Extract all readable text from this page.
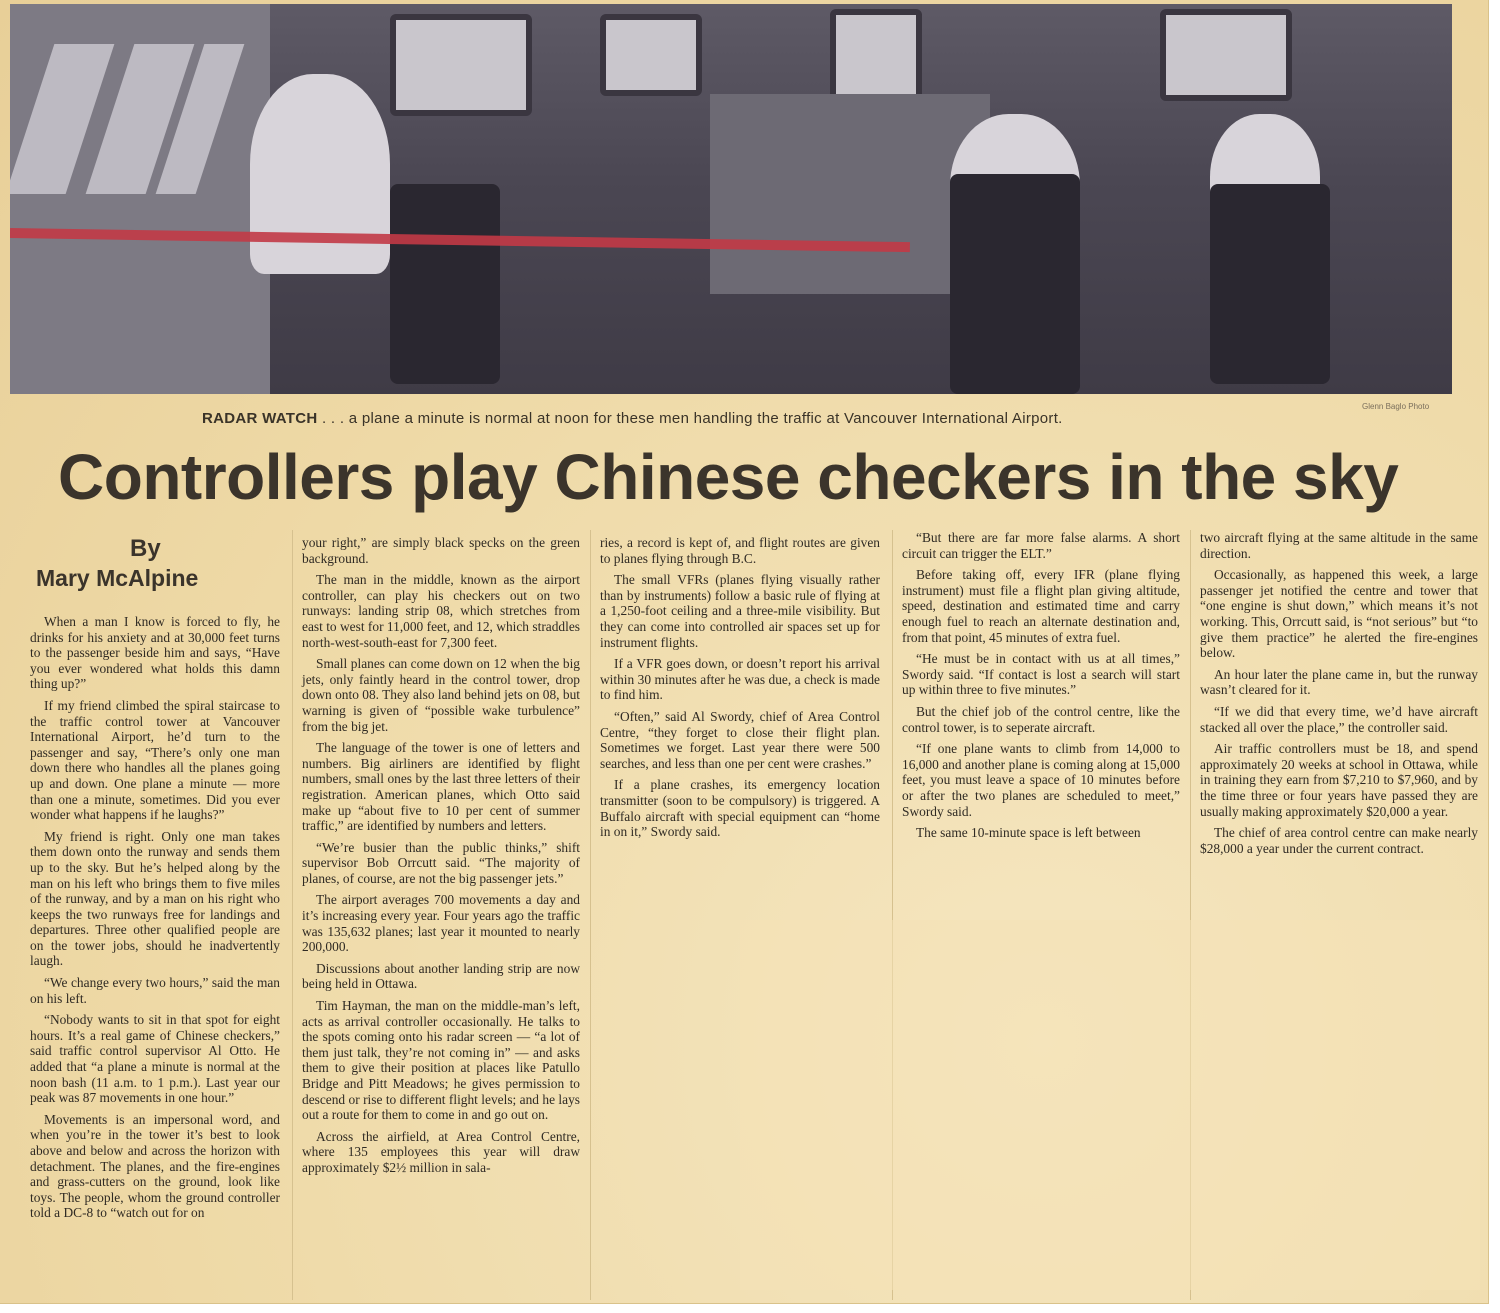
Glenn Baglo Photo
RADAR WATCH . . . a plane a minute is normal at noon for these men handling the traffic at Vancouver International Airport.
Controllers play Chinese checkers in the sky
By
Mary McAlpine

When a man I know is forced to fly, he drinks for his anxiety and at 30,000 feet turns to the passenger beside him and says, “Have you ever wondered what holds this damn thing up?”

If my friend climbed the spiral staircase to the traffic control tower at Vancouver International Airport, he’d turn to the passenger and say, “There’s only one man down there who handles all the planes going up and down. One plane a minute — more than one a minute, sometimes. Did you ever wonder what happens if he laughs?”

My friend is right. Only one man takes them down onto the runway and sends them up to the sky. But he’s helped along by the man on his left who brings them to five miles of the runway, and by a man on his right who keeps the two runways free for landings and departures. Three other qualified people are on the tower jobs, should he inadvertently laugh.

“We change every two hours,” said the man on his left.

“Nobody wants to sit in that spot for eight hours. It’s a real game of Chinese checkers,” said traffic control supervisor Al Otto. He added that “a plane a minute is normal at the noon bash (11 a.m. to 1 p.m.). Last year our peak was 87 movements in one hour.”

Movements is an impersonal word, and when you’re in the tower it’s best to look above and below and across the horizon with detachment. The planes, and the fire-engines and grass-cutters on the ground, look like toys. The people, whom the ground controller told a DC-8 to “watch out for on

your right,” are simply black specks on the green background.

The man in the middle, known as the airport controller, can play his checkers out on two runways: landing strip 08, which stretches from east to west for 11,000 feet, and 12, which straddles north-west-south-east for 7,300 feet.

Small planes can come down on 12 when the big jets, only faintly heard in the control tower, drop down onto 08. They also land behind jets on 08, but warning is given of “possible wake turbulence” from the big jet.

The language of the tower is one of letters and numbers. Big airliners are identified by flight numbers, small ones by the last three letters of their registration. American planes, which Otto said make up “about five to 10 per cent of summer traffic,” are identified by numbers and letters.

“We’re busier than the public thinks,” shift supervisor Bob Orrcutt said. “The majority of planes, of course, are not the big passenger jets.”

The airport averages 700 movements a day and it’s increasing every year. Four years ago the traffic was 135,632 planes; last year it mounted to nearly 200,000.

Discussions about another landing strip are now being held in Ottawa.

Tim Hayman, the man on the middle-man’s left, acts as arrival controller occasionally. He talks to the spots coming onto his radar screen — “a lot of them just talk, they’re not coming in” — and asks them to give their position at places like Patullo Bridge and Pitt Meadows; he gives permission to descend or rise to different flight levels; and he lays out a route for them to come in and go out on.

Across the airfield, at Area Control Centre, where 135 employees this year will draw approximately $2½ million in sala-

ries, a record is kept of, and flight routes are given to planes flying through B.C.

The small VFRs (planes flying visually rather than by instruments) follow a basic rule of flying at a 1,250-foot ceiling and a three-mile visibility. But they can come into controlled air spaces set up for instrument flights.

If a VFR goes down, or doesn’t report his arrival within 30 minutes after he was due, a check is made to find him.

“Often,” said Al Swordy, chief of Area Control Centre, “they forget to close their flight plan. Sometimes we forget. Last year there were 500 searches, and less than one per cent were crashes.”

If a plane crashes, its emergency location transmitter (soon to be compulsory) is triggered. A Buffalo aircraft with special equipment can “home in on it,” Swordy said.

“But there are far more false alarms. A short circuit can trigger the ELT.”

Before taking off, every IFR (plane flying instrument) must file a flight plan giving altitude, speed, destination and estimated time and carry enough fuel to reach an alternate destination and, from that point, 45 minutes of extra fuel.

“He must be in contact with us at all times,” Swordy said. “If contact is lost a search will start up within three to five minutes.”

But the chief job of the control centre, like the control tower, is to seperate aircraft.

“If one plane wants to climb from 14,000 to 16,000 and another plane is coming along at 15,000 feet, you must leave a space of 10 minutes before or after the two planes are scheduled to meet,” Swordy said.

The same 10-minute space is left between

two aircraft flying at the same altitude in the same direction.

Occasionally, as happened this week, a large passenger jet notified the centre and tower that “one engine is shut down,” which means it’s not working. This, Orrcutt said, is “not serious” but “to give them practice” he alerted the fire-engines below.

An hour later the plane came in, but the runway wasn’t cleared for it.

“If we did that every time, we’d have aircraft stacked all over the place,” the controller said.

Air traffic controllers must be 18, and spend approximately 20 weeks at school in Ottawa, while in training they earn from $7,210 to $7,960, and by the time three or four years have passed they are usually making approximately $20,000 a year.

The chief of area control centre can make nearly $28,000 a year under the current contract.
